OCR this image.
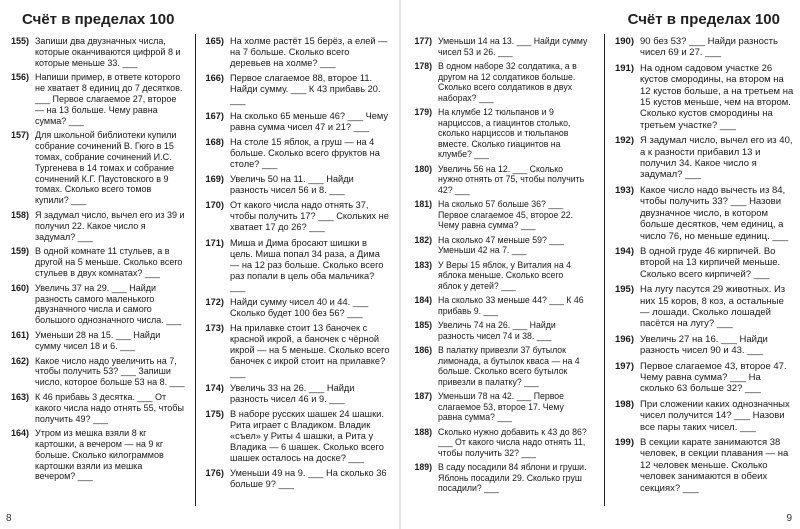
Счёт в пределах 100
155) Запиши два двузначных числа, которые оканчиваются цифрой 8 и которые меньше 33. ___
156) Напиши пример, в ответе которого не хватает 8 единиц до 7 десятков. ___ Первое слагаемое 27, второе — на 13 больше. Чему равна сумма? ___
157) Для школьной библиотеки купили собрание сочинений В. Гюго в 15 томах, собрание сочинений И.С. Тургенева в 14 томах и собрание сочинений К.Г. Паустовского в 9 томах. Сколько всего томов купили? ___
158) Я задумал число, вычел его из 39 и получил 22. Какое число я задумал? ___
159) В одной комнате 11 стульев, а в другой на 5 меньше. Сколько всего стульев в двух комнатах? ___
160) Увеличь 37 на 29. ___ Найди разность самого маленького двузначного числа и самого большого однозначного числа. ___
161) Уменьши 28 на 15. ___ Найди сумму чисел 18 и 6. ___
162) Какое число надо увеличить на 7, чтобы получить 53? ___ Запиши число, которое больше 53 на 8. ___
163) К 46 прибавь 3 десятка. ___ От какого числа надо отнять 55, чтобы получить 49? ___
164) Утром из мешка взяли 8 кг картошки, а вечером — на 9 кг больше. Сколько килограммов картошки взяли из мешка вечером? ___
165) На холме растёт 15 берёз, а елей — на 7 больше. Сколько всего деревьев на холме? ___
166) Первое слагаемое 88, второе 11. Найди сумму. ___ К 43 прибавь 20. ___
167) На сколько 65 меньше 46? ___ Чему равна сумма чисел 47 и 21? ___
168) На столе 15 яблок, а груш — на 4 больше. Сколько всего фруктов на столе? ___
169) Увеличь 50 на 11. ___ Найди разность чисел 56 и 8. ___
170) От какого числа надо отнять 37, чтобы получить 17? ___ Скольких не хватает 17 до 26? ___
171) Миша и Дима бросают шишки в цель. Миша попал 34 раза, а Дима — на 12 раз больше. Сколько всего раз попали в цель оба мальчика? ___
172) Найди сумму чисел 40 и 44. ___ Сколько будет 100 без 56? ___
173) На прилавке стоит 13 баночек с красной икрой, а баночек с чёрной икрой — на 5 меньше. Сколько всего баночек с икрой стоит на прилавке? ___
174) Увеличь 33 на 26. ___ Найди разность чисел 46 и 9. ___
175) В наборе русских шашек 24 шашки. Рита играет с Владиком. Владик «съел» у Риты 4 шашки, а Рита у Владика — 6 шашек. Сколько всего шашек осталось на доске? ___
176) Уменьши 49 на 9. ___ На сколько 36 больше 9? ___
8
Счёт в пределах 100
177) Уменьши 14 на 13. ___ Найди сумму чисел 53 и 26. ___
178) В одном наборе 32 солдатика, а в другом на 12 солдатиков больше. Сколько всего солдатиков в двух наборах? ___
179) На клумбе 12 тюльпанов и 9 нарциссов, а гиацинтов столько, сколько нарциссов и тюльпанов вместе. Сколько гиацинтов на клумбе? ___
180) Увеличь 56 на 12. ___ Сколько нужно отнять от 75, чтобы получить 42? ___
181) На сколько 57 больше 36? ___ Первое слагаемое 45, второе 22. Чему равна сумма? ___
182) На сколько 47 меньше 59? ___ Уменьши 42 на 7. ___
183) У Веры 15 яблок, у Виталия на 4 яблока меньше. Сколько всего яблок у детей? ___
184) На сколько 33 меньше 44? ___ К 46 прибавь 9. ___
185) Увеличь 74 на 26. ___ Найди разность чисел 74 и 38. ___
186) В палатку привезли 37 бутылок лимонада, а бутылок кваса — на 4 больше. Сколько всего бутылок привезли в палатку? ___
187) Уменьши 78 на 42. ___ Первое слагаемое 53, второе 17. Чему равна сумма? ___
188) Сколько нужно добавить к 43 до 86? ___ От какого числа надо отнять 11, чтобы получить 32? ___
189) В саду посадили 84 яблони и груши. Яблонь посадили 29. Сколько груш посадили? ___
190) 90 без 53? ___ Найди разность чисел 69 и 27. ___
191) На одном садовом участке 26 кустов смородины, на втором на 12 кустов больше, а на третьем на 15 кустов меньше, чем на втором. Сколько кустов смородины на третьем участке? ___
192) Я задумал число, вычел его из 40, а к разности прибавил 13 и получил 34. Какое число я задумал? ___
193) Какое число надо вычесть из 84, чтобы получить 33? ___ Назови двузначное число, в котором больше десятков, чем единиц, а число 76, но меньше единиц. ___
194) В одной груде 46 кирпичей. Во второй на 13 кирпичей меньше. Сколько всего кирпичей? ___
195) На лугу пасутся 29 животных. Из них 15 коров, 8 коз, а остальные — лошади. Сколько лошадей пасётся на лугу? ___
196) Увеличь 27 на 16. ___ Найди разность чисел 90 и 43. ___
197) Первое слагаемое 43, второе 47. Чему равна сумма? ___ На сколько 63 больше 32? ___
198) При сложении каких однозначных чисел получится 14? ___ Назови все пары таких чисел. ___
199) В секции карате занимаются 38 человек, в секции плавания — на 12 человек меньше. Сколько человек занимаются в обеих секциях? ___
9
